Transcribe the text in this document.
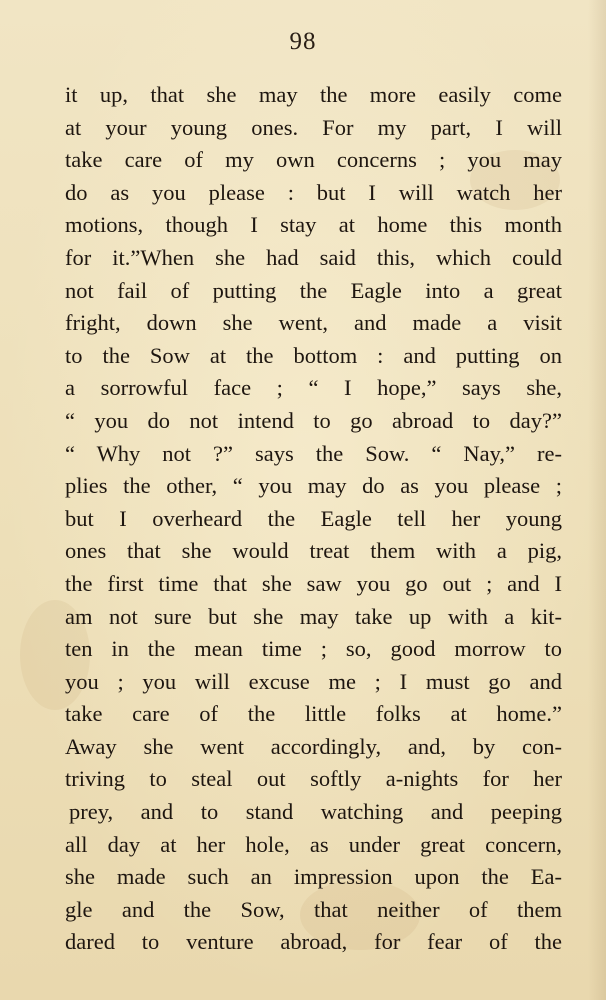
98
it up, that she may the more easily come
at your young ones. For my part, I will
take care of my own concerns ; you may
do as you please : but I will watch her
motions, though I stay at home this month
for it.”When she had said this, which could
not fail of putting the Eagle into a great
fright, down she went, and made a visit
to the Sow at the bottom : and putting on
a sorrowful face ; “ I hope,” says she,
“ you do not intend to go abroad to day?”
“ Why not ?” says the Sow. “ Nay,” re-
plies the other, “ you may do as you please ;
but I overheard the Eagle tell her young
ones that she would treat them with a pig,
the first time that she saw you go out ; and I
am not sure but she may take up with a kit-
ten in the mean time ; so, good morrow to
you ; you will excuse me ; I must go and
take care of the little folks at home.”
Away she went accordingly, and, by con-
triving to steal out softly a-nights for her
prey, and to stand watching and peeping
all day at her hole, as under great concern,
she made such an impression upon the Ea-
gle and the Sow, that neither of them
dared to venture abroad, for fear of the
